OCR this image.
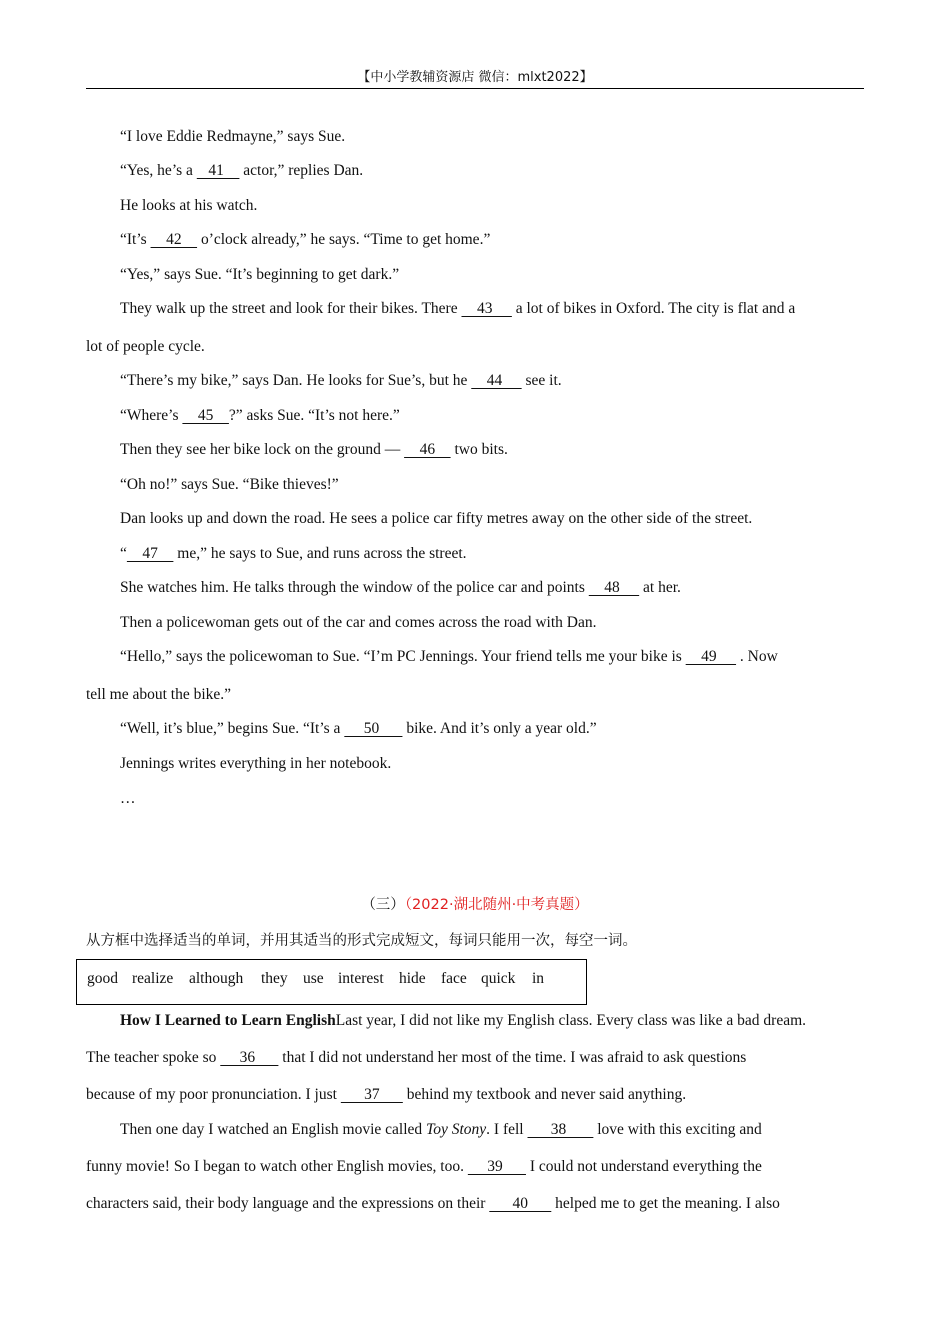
【中小学教辅资源店 微信：mlxt2022】
“I love Eddie Redmayne,” says Sue.
“Yes, he’s a    41     actor,” replies Dan.
He looks at his watch.
“It’s     42     o’clock already,” he says. “Time to get home.”
“Yes,” says Sue. “It’s beginning to get dark.”
They walk up the street and look for their bikes. There     43      a lot of bikes in Oxford. The city is flat and a
lot of people cycle.
“There’s my bike,” says Dan. He looks for Sue’s, but he     44      see it.
“Where’s     45    ?” asks Sue. “It’s not here.”
Then they see her bike lock on the ground —     46     two bits.
“Oh no!” says Sue. “Bike thieves!”
Dan looks up and down the road. He sees a police car fifty metres away on the other side of the street.
“    47     me,” he says to Sue, and runs across the street.
She watches him. He talks through the window of the police car and points     48      at her.
Then a policewoman gets out of the car and comes across the road with Dan.
“Hello,” says the policewoman to Sue. “I’m PC Jennings. Your friend tells me your bike is     49      . Now
tell me about the bike.”
“Well, it’s blue,” begins Sue. “It’s a      50       bike. And it’s only a year old.”
Jennings writes everything in her notebook.
…
（三）（2022·湖北随州·中考真题）
从方框中选择适当的单词，并用其适当的形式完成短文，每词只能用一次，每空一词。
good realize although they use interest hide face quick in
How I Learned to Learn EnglishLast year, I did not like my English class. Every class was like a bad dream.
The teacher spoke so      36       that I did not understand her most of the time. I was afraid to ask questions
because of my poor pronunciation. I just       37       behind my textbook and never said anything.
Then one day I watched an English movie called Toy Stony. I fell       38        love with this exciting and
funny movie! So I began to watch other English movies, too.      39       I could not understand everything the
characters said, their body language and the expressions on their       40       helped me to get the meaning. I also
